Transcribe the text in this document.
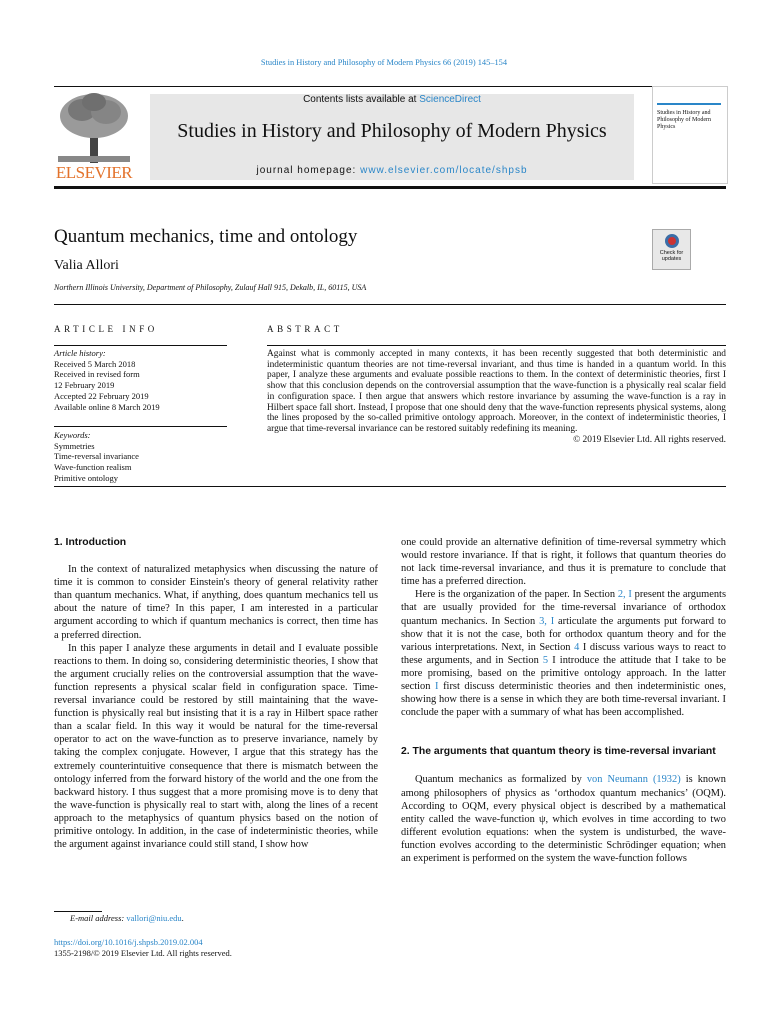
Studies in History and Philosophy of Modern Physics 66 (2019) 145–154
ELSEVIER
Contents lists available at ScienceDirect
Studies in History and Philosophy of Modern Physics
journal homepage: www.elsevier.com/locate/shpsb
Studies in History and Philosophy of Modern Physics
Quantum mechanics, time and ontology
Check for updates
Valia Allori
Northern Illinois University, Department of Philosophy, Zulauf Hall 915, Dekalb, IL, 60115, USA
ARTICLE INFO	ABSTRACT
Article history:
Received 5 March 2018
Received in revised form
12 February 2019
Accepted 22 February 2019
Available online 8 March 2019
Keywords:
Symmetries
Time-reversal invariance
Wave-function realism
Primitive ontology
Against what is commonly accepted in many contexts, it has been recently suggested that both deterministic and indeterministic quantum theories are not time-reversal invariant, and thus time is handed in a quantum world. In this paper, I analyze these arguments and evaluate possible reactions to them. In the context of deterministic theories, first I show that this conclusion depends on the controversial assumption that the wave-function is a physically real scalar field in configuration space. I then argue that answers which restore invariance by assuming the wave-function is a ray in Hilbert space fall short. Instead, I propose that one should deny that the wave-function represents physical systems, along the lines proposed by the so-called primitive ontology approach. Moreover, in the context of indeterministic theories, I argue that time-reversal invariance can be restored suitably redefining its meaning.
© 2019 Elsevier Ltd. All rights reserved.
1. Introduction

In the context of naturalized metaphysics when discussing the nature of time it is common to consider Einstein's theory of general relativity rather than quantum mechanics. What, if anything, does quantum mechanics tell us about the nature of time? In this paper, I am interested in a particular argument according to which if quantum mechanics is correct, then time has a preferred direction.

In this paper I analyze these arguments in detail and I evaluate possible reactions to them. In doing so, considering deterministic theories, I show that the argument crucially relies on the controversial assumption that the wave-function represents a physical scalar field in configuration space. Time-reversal invariance could be restored by still maintaining that the wave-function is physically real but insisting that it is a ray in Hilbert space rather than a scalar field. In this way it would be natural for the time-reversal operator to act on the wave-function as to preserve invariance, namely by taking the complex conjugate. However, I argue that this strategy has the extremely counterintuitive consequence that there is mismatch between the ontology inferred from the forward history of the world and the one from the backward history. I thus suggest that a more promising move is to deny that the wave-function is physically real to start with, along the lines of a recent approach to the metaphysics of quantum physics based on the notion of primitive ontology. In addition, in the case of indeterministic theories, while the argument against invariance could still stand, I show how

one could provide an alternative definition of time-reversal symmetry which would restore invariance. If that is right, it follows that quantum theories do not lack time-reversal invariance, and thus it is premature to conclude that time has a preferred direction.

Here is the organization of the paper. In Section 2, I present the arguments that are usually provided for the time-reversal invariance of orthodox quantum mechanics. In Section 3, I articulate the arguments put forward to show that it is not the case, both for orthodox quantum theory and for the various interpretations. Next, in Section 4 I discuss various ways to react to these arguments, and in Section 5 I introduce the attitude that I take to be more promising, based on the primitive ontology approach. In the latter section I first discuss deterministic theories and then indeterministic ones, showing how there is a sense in which they are both time-reversal invariant. I conclude the paper with a summary of what has been accomplished.

2. The arguments that quantum theory is time-reversal invariant

Quantum mechanics as formalized by von Neumann (1932) is known among philosophers of physics as ‘orthodox quantum mechanics’ (OQM). According to OQM, every physical object is described by a mathematical entity called the wave-function ψ, which evolves in time according to two different evolution equations: when the system is undisturbed, the wave-function evolves according to the deterministic Schrödinger equation; when an experiment is performed on the system the wave-function follows

E-mail address: vallori@niu.edu.
https://doi.org/10.1016/j.shpsb.2019.02.004
1355-2198/© 2019 Elsevier Ltd. All rights reserved.
